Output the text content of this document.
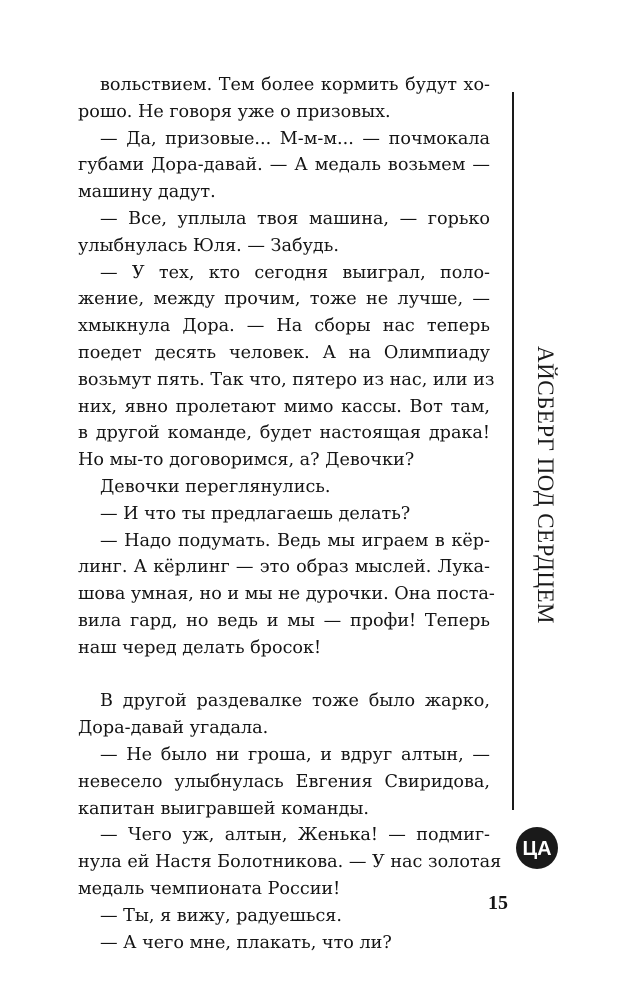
вольствием. Тем более кормить будут хо-
рошо. Не говоря уже о призовых.
— Да, призовые... М-м-м... — почмокала
губами Дора-давай. — А медаль возьмем —
машину дадут.
— Все, уплыла твоя машина, — горько
улыбнулась Юля. — Забудь.
— У тех, кто сегодня выиграл, поло-
жение, между прочим, тоже не лучше, —
хмыкнула Дора. — На сборы нас теперь
поедет десять человек. А на Олимпиаду
возьмут пять. Так что, пятеро из нас, или из
них, явно пролетают мимо кассы. Вот там,
в другой команде, будет настоящая драка!
Но мы-то договоримся, а? Девочки?
Девочки переглянулись.
— И что ты предлагаешь делать?
— Надо подумать. Ведь мы играем в кёр-
линг. А кёрлинг — это образ мыслей. Лука-
шова умная, но и мы не дурочки. Она поста-
вила гард, но ведь и мы — профи! Теперь
наш черед делать бросок!
В другой раздевалке тоже было жарко,
Дора-давай угадала.
— Не было ни гроша, и вдруг алтын, —
невесело улыбнулась Евгения Свиридова,
капитан выигравшей команды.
— Чего уж, алтын, Женька! — подмиг-
нула ей Настя Болотникова. — У нас золотая
медаль чемпионата России!
— Ты, я вижу, радуешься.
— А чего мне, плакать, что ли?
АЙСБЕРГ ПОД СЕРДЦЕМ
ЦА
15
